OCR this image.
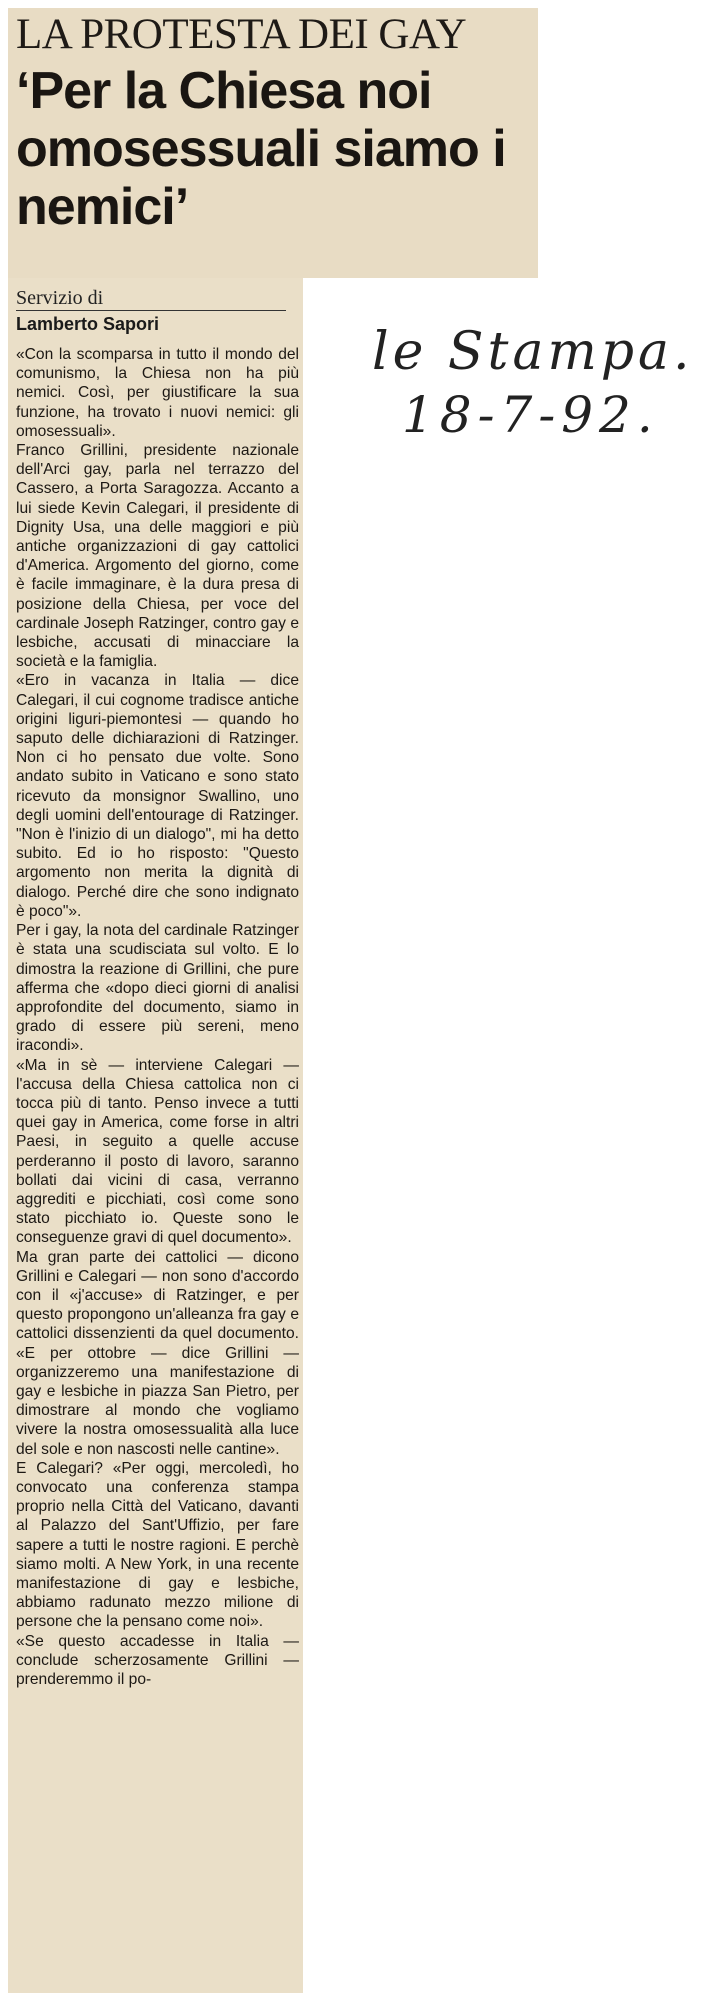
LA PROTESTA DEI GAY
‘Per la Chiesa noi omosessuali siamo i nemici’
Servizio di
Lamberto Sapori

«Con la scomparsa in tutto il mondo del comunismo, la Chiesa non ha più nemici. Così, per giustificare la sua funzione, ha trovato i nuovi nemici: gli omosessuali».

Franco Grillini, presidente nazionale dell'Arci gay, parla nel terrazzo del Cassero, a Porta Saragozza. Accanto a lui siede Kevin Calegari, il presidente di Dignity Usa, una delle maggiori e più antiche organizzazioni di gay cattolici d'America. Argomento del giorno, come è facile immaginare, è la dura presa di posizione della Chiesa, per voce del cardinale Joseph Ratzinger, contro gay e lesbiche, accusati di minacciare la società e la famiglia.

«Ero in vacanza in Italia — dice Calegari, il cui cognome tradisce antiche origini liguri-piemontesi — quando ho saputo delle dichiarazioni di Ratzinger. Non ci ho pensato due volte. Sono andato subito in Vaticano e sono stato ricevuto da monsignor Swallino, uno degli uomini dell'entourage di Ratzinger. "Non è l'inizio di un dialogo", mi ha detto subito. Ed io ho risposto: "Questo argomento non merita la dignità di dialogo. Perché dire che sono indignato è poco"».

Per i gay, la nota del cardinale Ratzinger è stata una scudisciata sul volto. E lo dimostra la reazione di Grillini, che pure afferma che «dopo dieci giorni di analisi approfondite del documento, siamo in grado di essere più sereni, meno iracondi».

«Ma in sè — interviene Calegari — l'accusa della Chiesa cattolica non ci tocca più di tanto. Penso invece a tutti quei gay in America, come forse in altri Paesi, in seguito a quelle accuse perderanno il posto di lavoro, saranno bollati dai vicini di casa, verranno aggrediti e picchiati, così come sono stato picchiato io. Queste sono le conseguenze gravi di quel documento».

Ma gran parte dei cattolici — dicono Grillini e Calegari — non sono d'accordo con il «j'accuse» di Ratzinger, e per questo propongono un'alleanza fra gay e cattolici dissenzienti da quel documento. «E per ottobre — dice Grillini — organizzeremo una manifestazione di gay e lesbiche in piazza San Pietro, per dimostrare al mondo che vogliamo vivere la nostra omosessualità alla luce del sole e non nascosti nelle cantine».

E Calegari? «Per oggi, mercoledì, ho convocato una conferenza stampa proprio nella Città del Vaticano, davanti al Palazzo del Sant'Uffizio, per fare sapere a tutti le nostre ragioni. E perchè siamo molti. A New York, in una recente manifestazione di gay e lesbiche, abbiamo radunato mezzo milione di persone che la pensano come noi».

«Se questo accadesse in Italia — conclude scherzosamente Grillini — prenderemmo il po-

le Stampa.
18-7-92.
